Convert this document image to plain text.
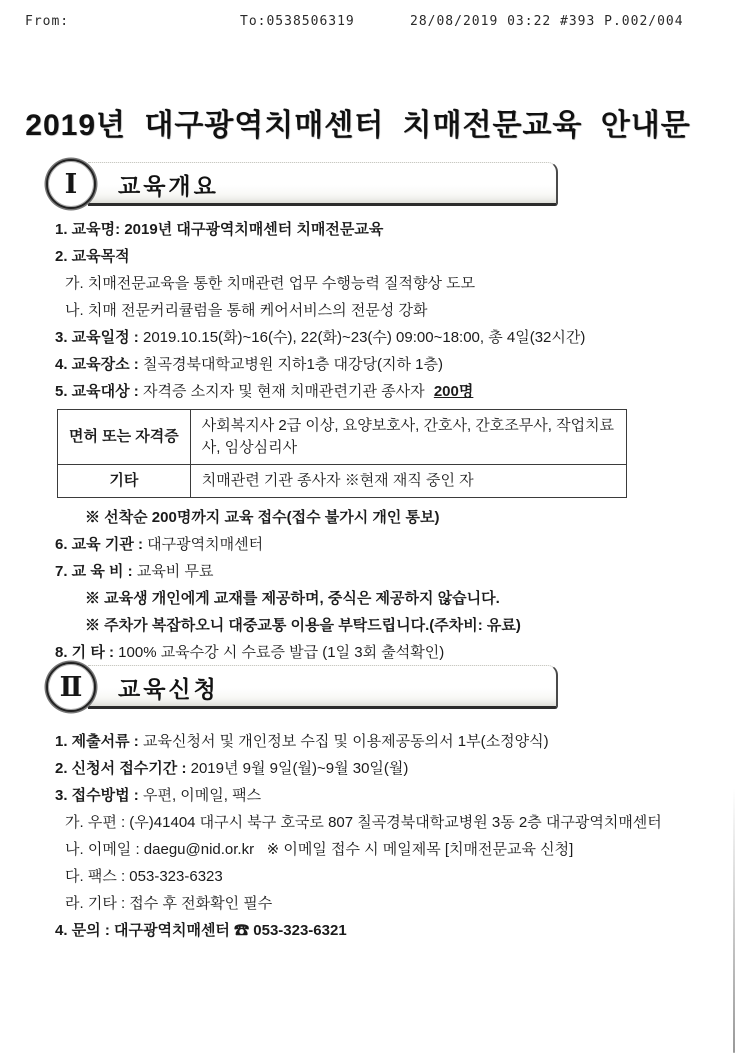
From:	To:0538506319	28/08/2019 03:22 #393 P.002/004
2019년 대구광역치매센터 치매전문교육 안내문
Ⅰ 교육개요
1. 교육명: 2019년 대구광역치매센터 치매전문교육
2. 교육목적
가. 치매전문교육을 통한 치매관련 업무 수행능력 질적향상 도모
나. 치매 전문커리큘럼을 통해 케어서비스의 전문성 강화
3. 교육일정 : 2019.10.15(화)~16(수), 22(화)~23(수) 09:00~18:00, 총 4일(32시간)
4. 교육장소 : 칠곡경북대학교병원 지하1층 대강당(지하 1층)
5. 교육대상 : 자격증 소지자 및 현재 치매관련기관 종사자 200명
면허 또는 자격증	사회복지사 2급 이상, 요양보호사, 간호사, 간호조무사, 작업치료사, 임상심리사
기타	치매관련 기관 종사자 ※현재 재직 중인 자
※ 선착순 200명까지 교육 접수(접수 불가시 개인 통보)
6. 교육 기관 : 대구광역치매센터
7. 교 육 비 : 교육비 무료
※ 교육생 개인에게 교재를 제공하며, 중식은 제공하지 않습니다.
※ 주차가 복잡하오니 대중교통 이용을 부탁드립니다.(주차비: 유료)
8. 기 타 : 100% 교육수강 시 수료증 발급 (1일 3회 출석확인)
Ⅱ 교육신청
1. 제출서류 : 교육신청서 및 개인정보 수집 및 이용제공동의서 1부(소정양식)
2. 신청서 접수기간 : 2019년 9월 9일(월)~9월 30일(월)
3. 접수방법 : 우편, 이메일, 팩스
가. 우편 : (우)41404 대구시 북구 호국로 807 칠곡경북대학교병원 3동 2층 대구광역치매센터
나. 이메일 : daegu@nid.or.kr   ※ 이메일 접수 시 메일제목 [치매전문교육 신청]
다. 팩스 : 053-323-6323
라. 기타 : 접수 후 전화확인 필수
4. 문의 : 대구광역치매센터 ☎ 053-323-6321
